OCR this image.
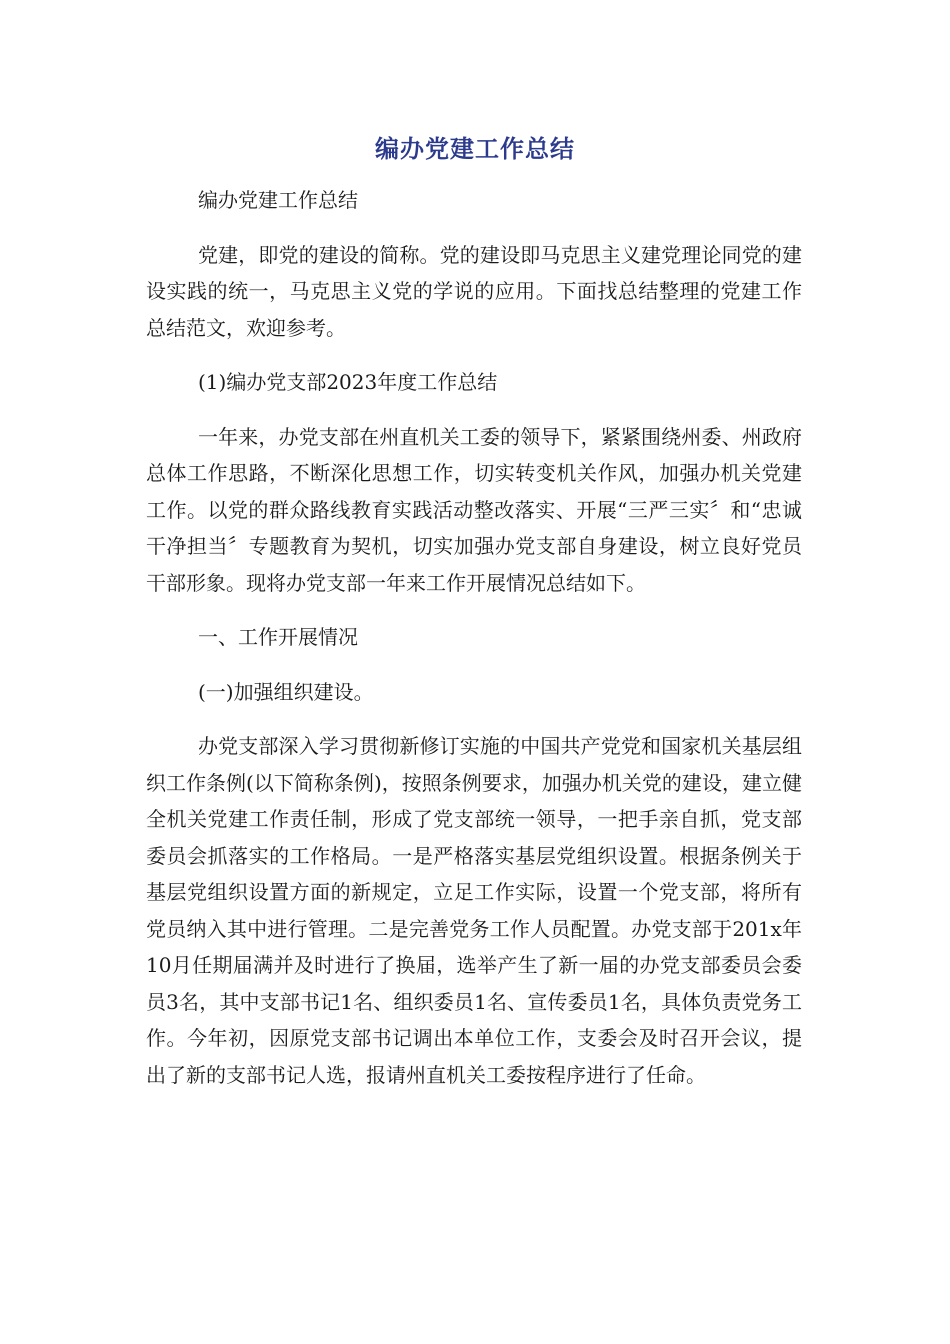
编办党建工作总结

编办党建工作总结

党建，即党的建设的简称。党的建设即马克思主义建党理论同党的建设实践的统一，马克思主义党的学说的应用。下面找总结整理的党建工作总结范文，欢迎参考。

(1)编办党支部2023年度工作总结

一年来，办党支部在州直机关工委的领导下，紧紧围绕州委、州政府总体工作思路，不断深化思想工作，切实转变机关作风，加强办机关党建工作。以党的群众路线教育实践活动整改落实、开展“三严三实〞和“忠诚干净担当〞专题教育为契机，切实加强办党支部自身建设，树立良好党员干部形象。现将办党支部一年来工作开展情况总结如下。

一、工作开展情况

(一)加强组织建设。

办党支部深入学习贯彻新修订实施的中国共产党党和国家机关基层组织工作条例(以下简称条例)，按照条例要求，加强办机关党的建设，建立健全机关党建工作责任制，形成了党支部统一领导，一把手亲自抓，党支部委员会抓落实的工作格局。一是严格落实基层党组织设置。根据条例关于基层党组织设置方面的新规定，立足工作实际，设置一个党支部，将所有党员纳入其中进行管理。二是完善党务工作人员配置。办党支部于201x年10月任期届满并及时进行了换届，选举产生了新一届的办党支部委员会委员3名，其中支部书记1名、组织委员1名、宣传委员1名，具体负责党务工作。今年初，因原党支部书记调出本单位工作，支委会及时召开会议，提出了新的支部书记人选，报请州直机关工委按程序进行了任命。
